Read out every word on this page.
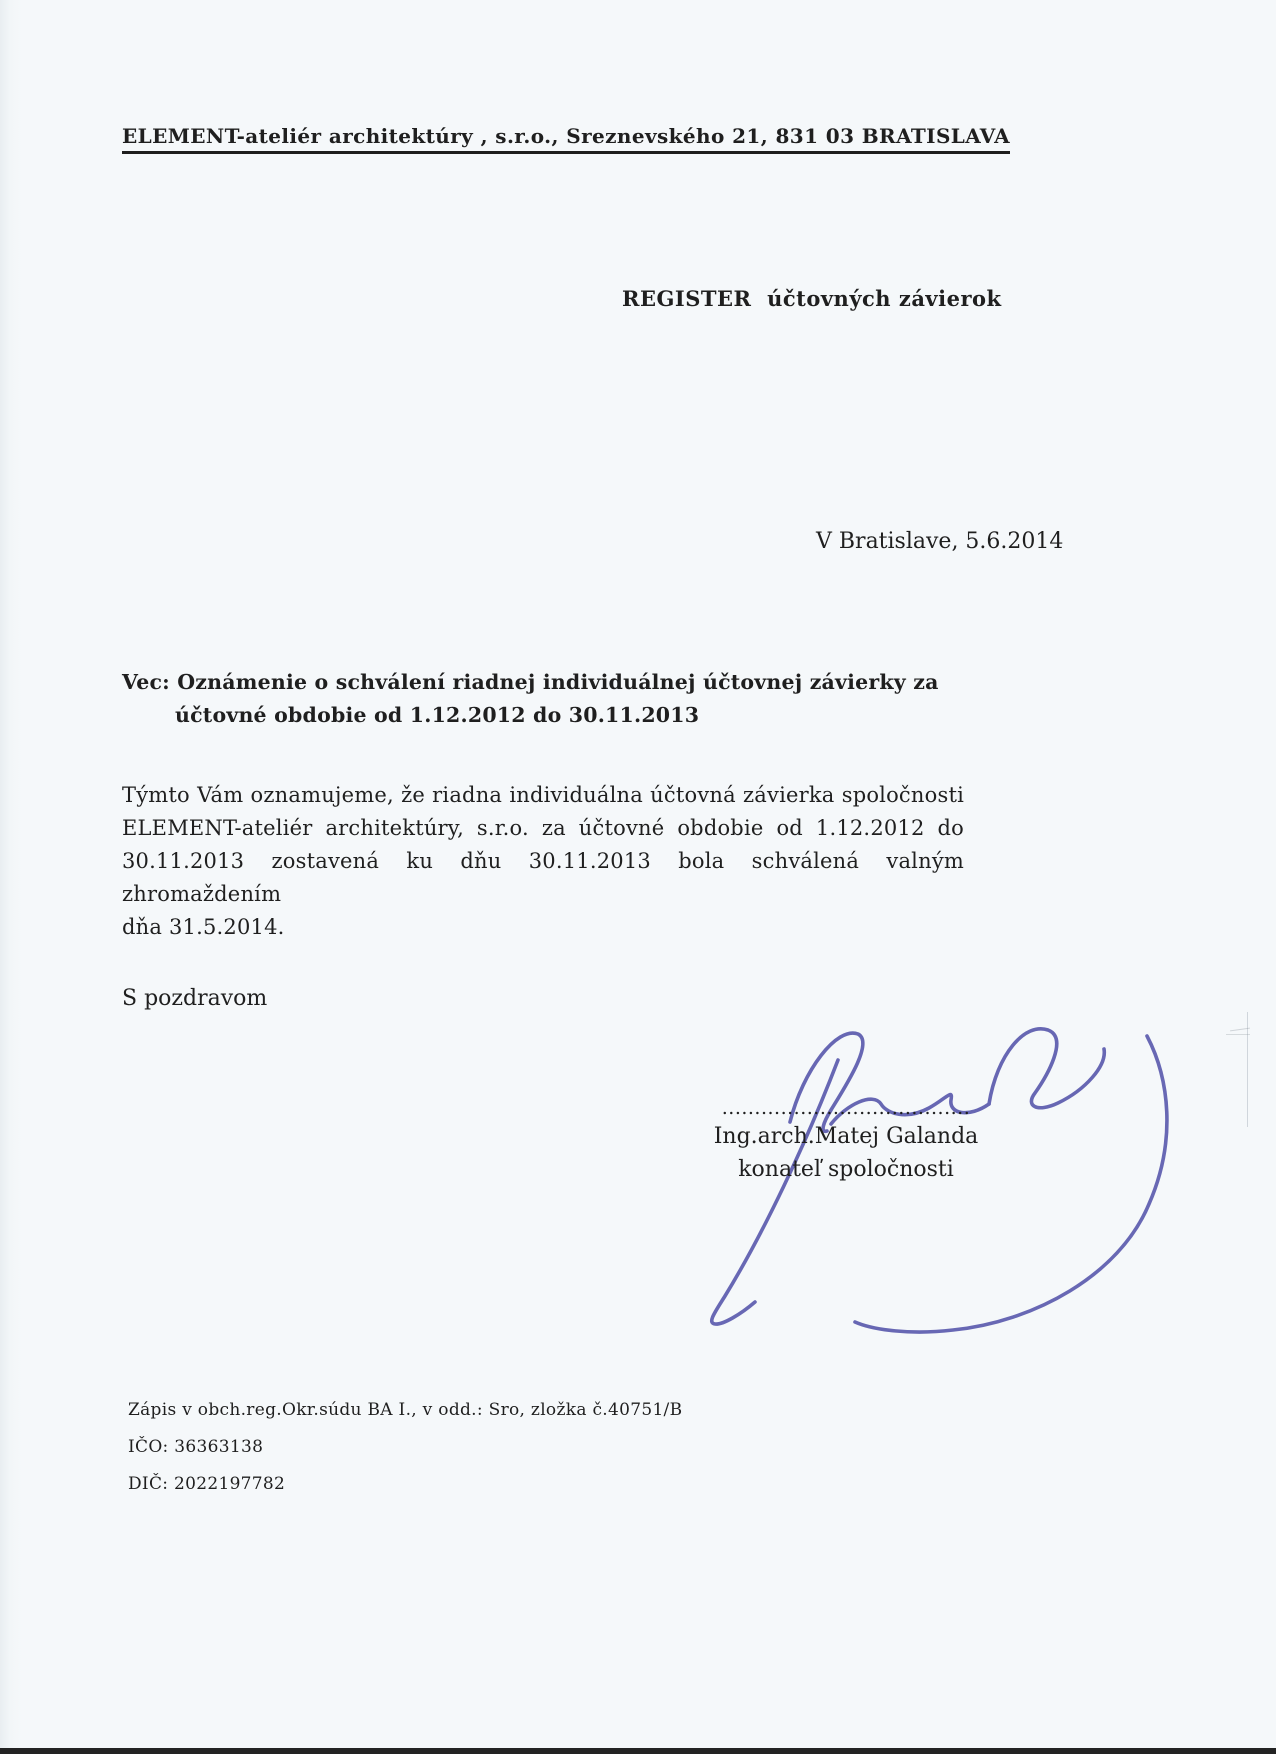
ELEMENT-ateliér architektúry , s.r.o., Sreznevského 21, 831 03 BRATISLAVA
REGISTER  účtovných závierok
V Bratislave, 5.6.2014
Vec: Oznámenie o schválení riadnej individuálnej účtovnej závierky za
účtovné obdobie od 1.12.2012 do 30.11.2013
Týmto Vám oznamujeme, že riadna individuálna účtovná závierka spoločnosti
ELEMENT-ateliér architektúry, s.r.o. za účtovné obdobie od 1.12.2012 do
30.11.2013 zostavená ku dňu 30.11.2013 bola schválená valným zhromaždením
dňa 31.5.2014.
S pozdravom
......................................
Ing.arch.Matej Galanda
konateľ spoločnosti
Zápis v obch.reg.Okr.súdu BA I., v odd.: Sro, zložka č.40751/B
IČO: 36363138
DIČ: 2022197782
